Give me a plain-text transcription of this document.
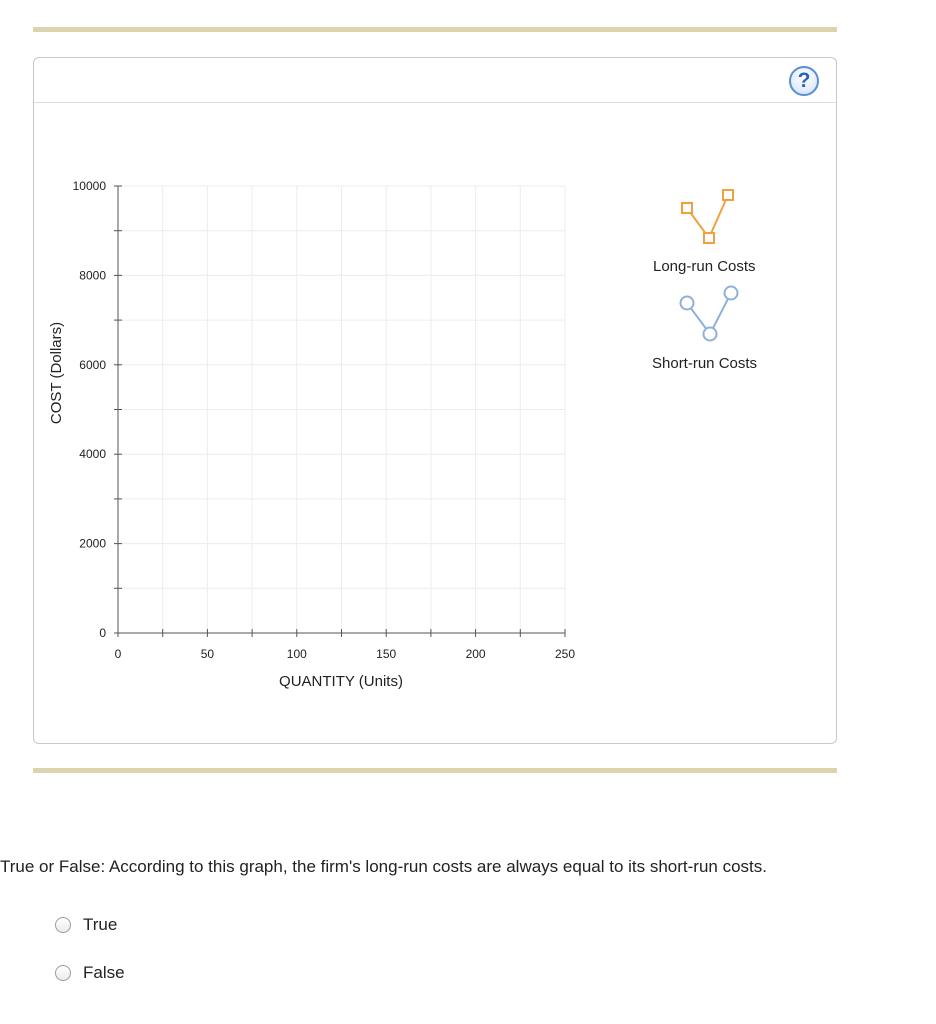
?
0
2000
4000
6000
8000
10000
0	50	100	150	200	250
COST (Dollars)
QUANTITY (Units)
Long-run Costs
Short-run Costs
True or False: According to this graph, the firm's long-run costs are always equal to its short-run costs.
True
False
